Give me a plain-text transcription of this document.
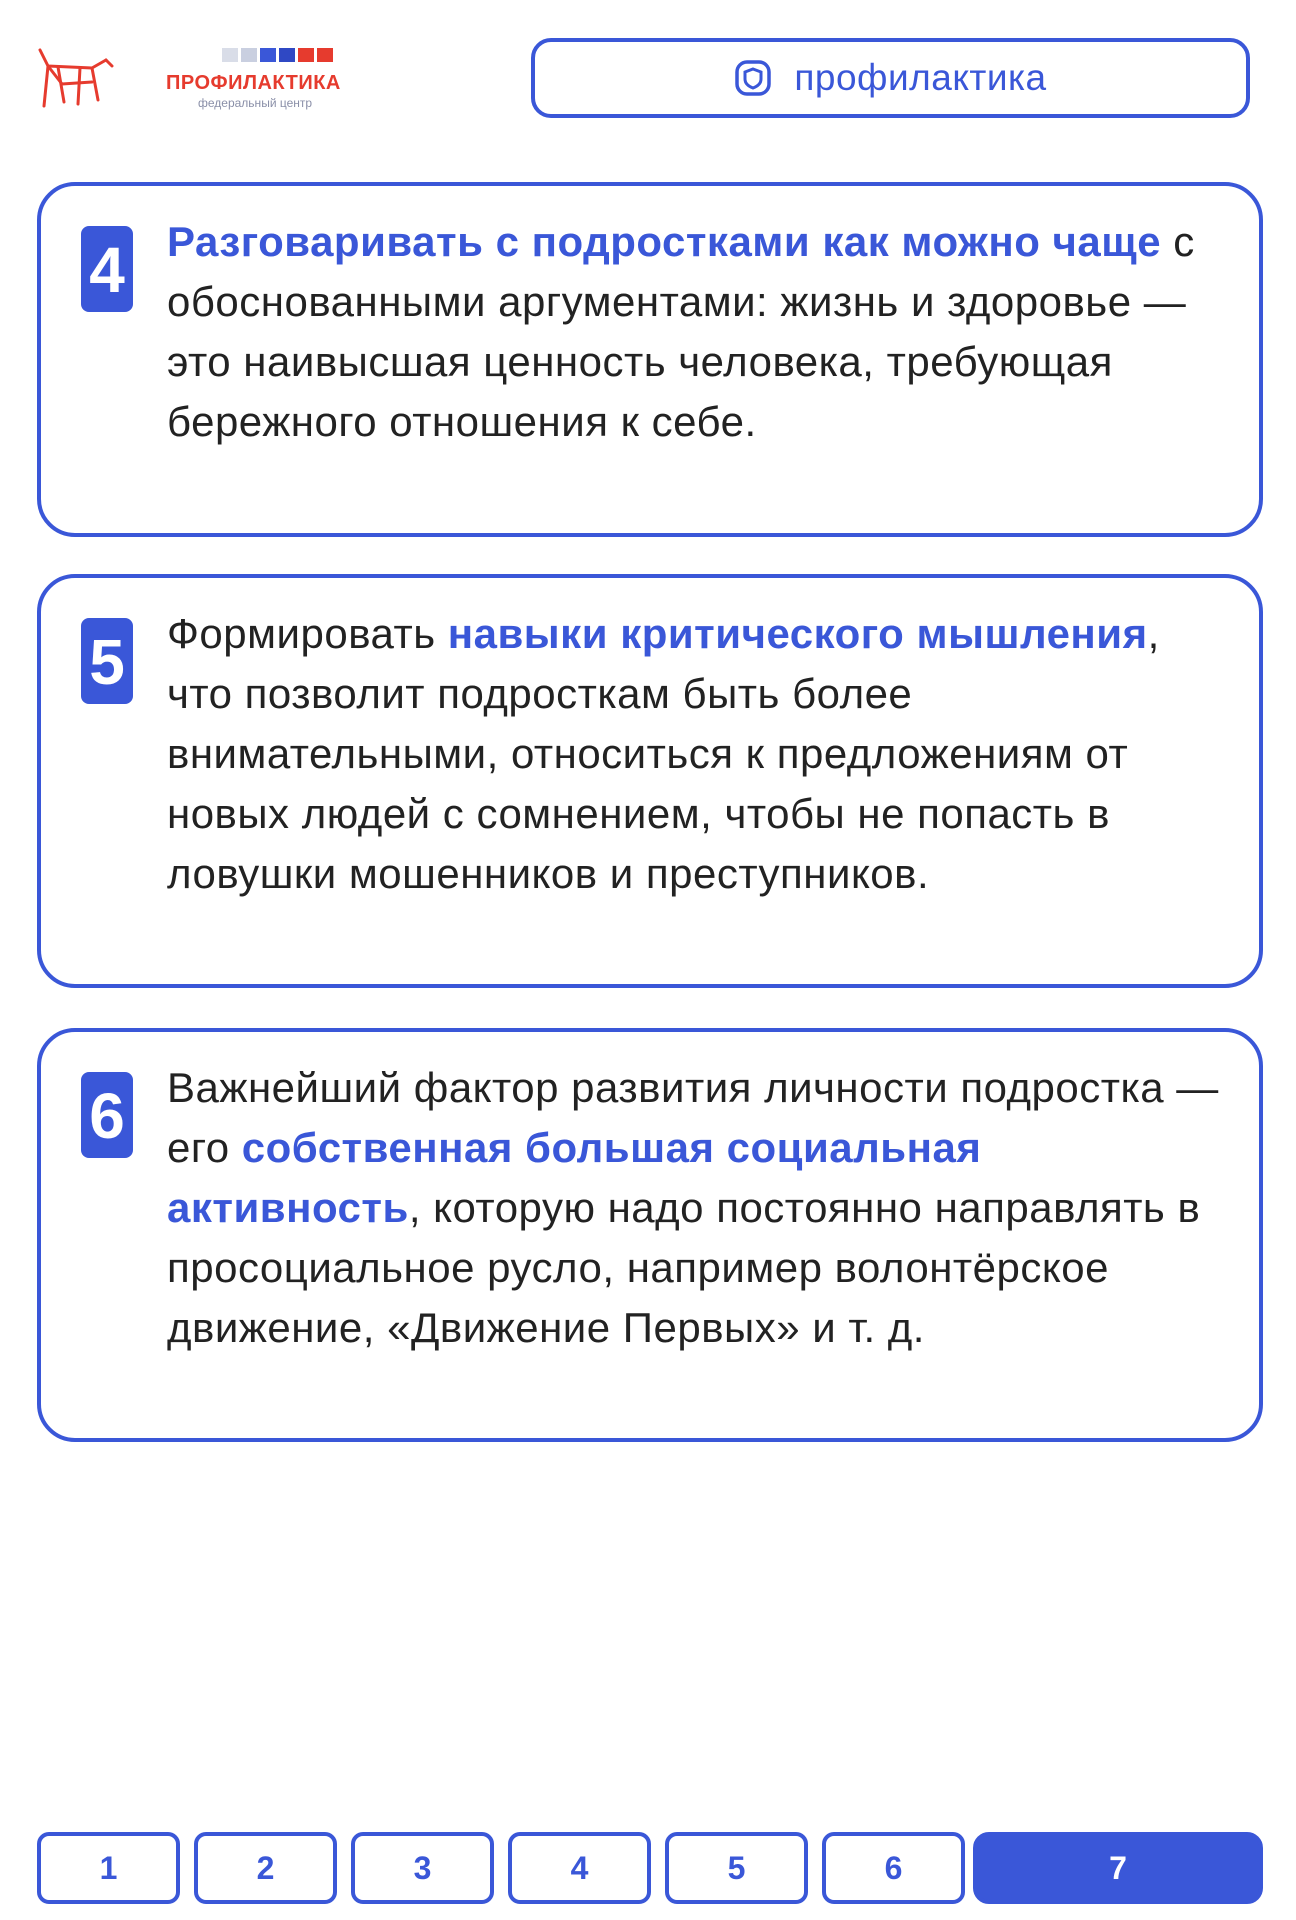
ПРОФИЛАКТИКА
федеральный центр
профилактика
4 Разговаривать с подростками как можно чаще с обоснованными аргументами: жизнь и здоровье — это наивысшая ценность человека, требующая бережного отношения к себе.
5 Формировать навыки критического мышления, что позволит подросткам быть более внимательными, относиться к предложениям от новых людей с сомнением, чтобы не попасть в ловушки мошенников и преступников.
6 Важнейший фактор развития личности подростка — его собственная большая социальная активность, которую надо постоянно направлять в просоциальное русло, например волонтёрское движение, «Движение Первых» и т. д.
1	2	3	4	5	6	7
